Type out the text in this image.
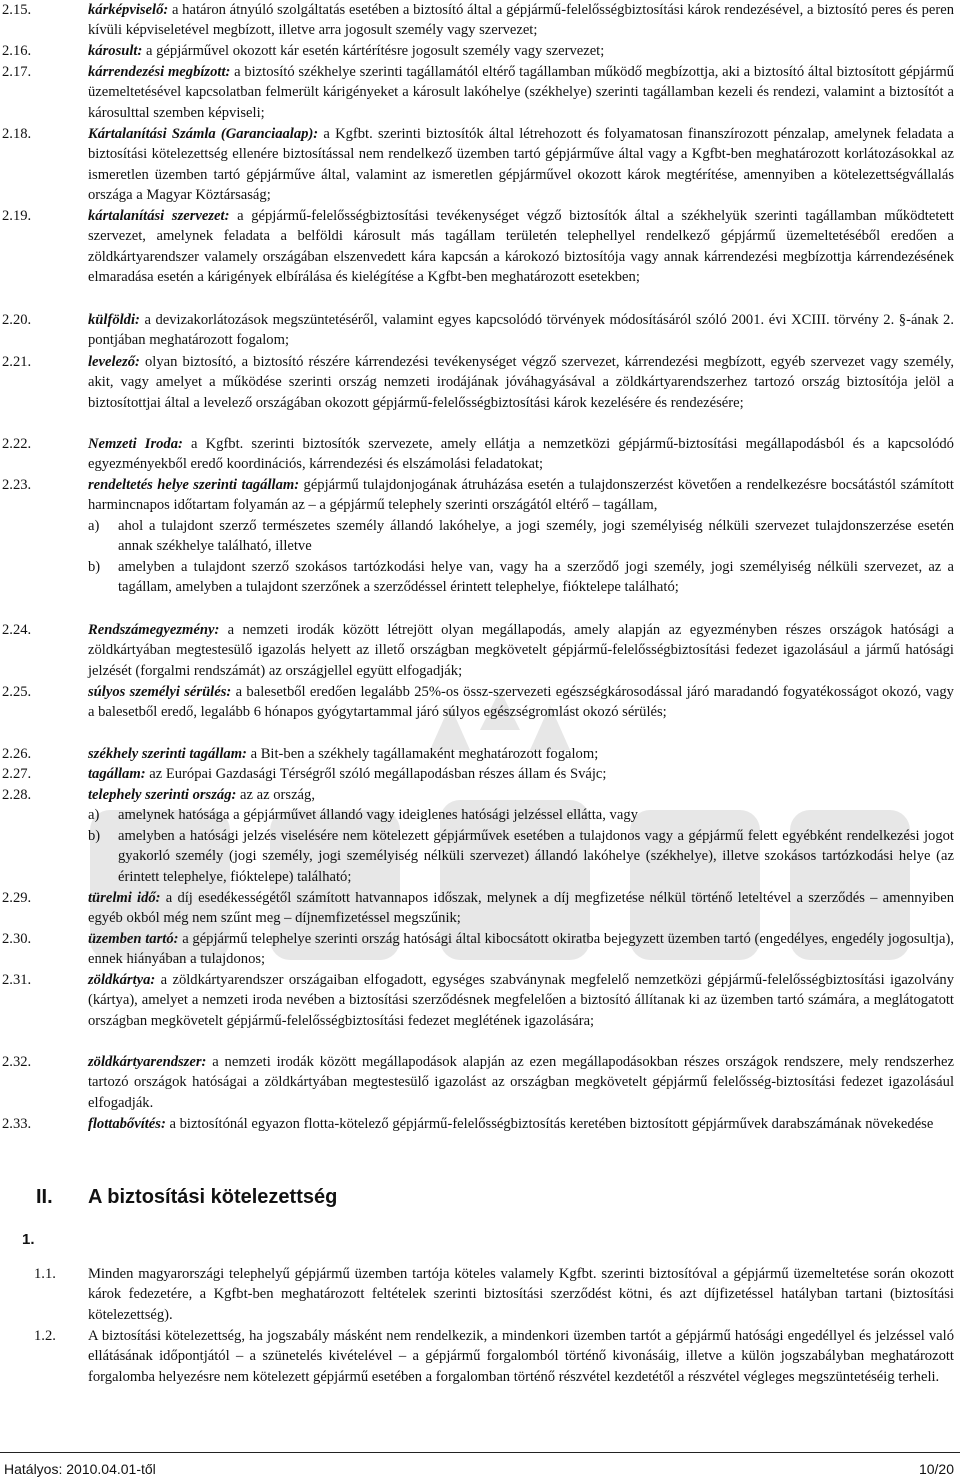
2.15.	kárképviselő: a határon átnyúló szolgáltatás esetében a biztosító által a gépjármű-felelősségbiztosítási károk rendezésével, a biztosító peres és peren kívüli képviseletével megbízott, illetve arra jogosult személy vagy szervezet;
2.16.	károsult: a gépjárművel okozott kár esetén kártérítésre jogosult személy vagy szervezet;
2.17.	kárrendezési megbízott: a biztosító székhelye szerinti tagállamától eltérő tagállamban működő megbízottja, aki a biztosító által biztosított gépjármű üzemeltetésével kapcsolatban felmerült kárigényeket a károsult lakóhelye (székhelye) szerinti tagállamban kezeli és rendezi, valamint a biztosítót a károsulttal szemben képviseli;
2.18.	Kártalanítási Számla (Garanciaalap): a Kgfbt. szerinti biztosítók által létrehozott és folyamatosan finanszírozott pénzalap, amelynek feladata a biztosítási kötelezettség ellenére biztosítással nem rendelkező üzemben tartó gépjárműve által vagy a Kgfbt-ben meghatározott korlátozásokkal az ismeretlen üzemben tartó gépjárműve által, valamint az ismeretlen gépjárművel okozott károk megtérítése, amennyiben a kötelezettségvállalás országa a Magyar Köztársaság;
2.19.	kártalanítási szervezet: a gépjármű-felelősségbiztosítási tevékenységet végző biztosítók által a székhelyük szerinti tagállamban működtetett szervezet, amelynek feladata a belföldi károsult más tagállam területén telephellyel rendelkező gépjármű üzemeltetéséből eredően a zöldkártyarendszer valamely országában elszenvedett kára kapcsán a károkozó biztosítója vagy annak kárrendezési megbízottja kárrendezésének elmaradása esetén a kárigények elbírálása és kielégítése a Kgfbt-ben meghatározott esetekben;
2.20.	külföldi: a devizakorlátozások megszüntetéséről, valamint egyes kapcsolódó törvények módosításáról szóló 2001. évi XCIII. törvény 2. §-ának 2. pontjában meghatározott fogalom;
2.21.	levelező: olyan biztosító, a biztosító részére kárrendezési tevékenységet végző szervezet, kárrendezési megbízott, egyéb szervezet vagy személy, akit, vagy amelyet a működése szerinti ország nemzeti irodájának jóváhagyásával a zöldkártyarendszerhez tartozó ország biztosítója jelöl a biztosítottjai által a levelező országában okozott gépjármű-felelősségbiztosítási károk kezelésére és rendezésére;
2.22.	Nemzeti Iroda: a Kgfbt. szerinti biztosítók szervezete, amely ellátja a nemzetközi gépjármű-biztosítási megállapodásból és a kapcsolódó egyezményekből eredő koordinációs, kárrendezési és elszámolási feladatokat;
2.23.	rendeltetés helye szerinti tagállam: gépjármű tulajdonjogának átruházása esetén a tulajdonszerzést követően a rendelkezésre bocsátástól számított harmincnapos időtartam folyamán az – a gépjármű telephely szerinti országától eltérő – tagállam,
a)	ahol a tulajdont szerző természetes személy állandó lakóhelye, a jogi személy, jogi személyiség nélküli szervezet tulajdonszerzése esetén annak székhelye található, illetve
b)	amelyben a tulajdont szerző szokásos tartózkodási helye van, vagy ha a szerződő jogi személy, jogi személyiség nélküli szervezet, az a tagállam, amelyben a tulajdont szerzőnek a szerződéssel érintett telephelye, fióktelepe található;
2.24.	Rendszámegyezmény: a nemzeti irodák között létrejött olyan megállapodás, amely alapján az egyezményben részes országok hatósági a zöldkártyában megtestesülő igazolás helyett az illető országban megkövetelt gépjármű-felelősségbiztosítási fedezet igazolásául a jármű hatósági jelzését (forgalmi rendszámát) az országjellel együtt elfogadják;
2.25.	súlyos személyi sérülés: a balesetből eredően legalább 25%-os össz-szervezeti egészségkárosodással járó maradandó fogyatékosságot okozó, vagy a balesetből eredő, legalább 6 hónapos gyógytartammal járó súlyos egészségromlást okozó sérülés;
2.26.	székhely szerinti tagállam: a Bit-ben a székhely tagállamaként meghatározott fogalom;
2.27.	tagállam: az Európai Gazdasági Térségről szóló megállapodásban részes állam és Svájc;
2.28.	telephely szerinti ország: az az ország,
a)	amelynek hatósága a gépjárművet állandó vagy ideiglenes hatósági jelzéssel ellátta, vagy
b)	amelyben a hatósági jelzés viselésére nem kötelezett gépjárművek esetében a tulajdonos vagy a gépjármű felett egyébként rendelkezési jogot gyakorló személy (jogi személy, jogi személyiség nélküli szervezet) állandó lakóhelye (székhelye), illetve szokásos tartózkodási helye (az érintett telephelye, fióktelepe) található;
2.29.	türelmi idő: a díj esedékességétől számított hatvannapos időszak, melynek a díj megfizetése nélkül történő leteltével a szerződés – amennyiben egyéb okból még nem szűnt meg – díjnemfizetéssel megszűnik;
2.30.	üzemben tartó: a gépjármű telephelye szerinti ország hatósági által kibocsátott okiratba bejegyzett üzemben tartó (engedélyes, engedély jogosultja), ennek hiányában a tulajdonos;
2.31.	zöldkártya: a zöldkártyarendszer országaiban elfogadott, egységes szabványnak megfelelő nemzetközi gépjármű-felelősségbiztosítási igazolvány (kártya), amelyet a nemzeti iroda nevében a biztosítási szerződésnek megfelelően a biztosító állítanak ki az üzemben tartó számára, a meglátogatott országban megkövetelt gépjármű-felelősségbiztosítási fedezet meglétének igazolására;
2.32.	zöldkártyarendszer: a nemzeti irodák között megállapodások alapján az ezen megállapodásokban részes országok rendszere, mely rendszerhez tartozó országok hatóságai a zöldkártyában megtestesülő igazolást az országban megkövetelt gépjármű felelősség-biztosítási fedezet igazolásául elfogadják.
2.33.	flottabővítés: a biztosítónál egyazon flotta-kötelező gépjármű-felelősségbiztosítás keretében biztosított gépjárművek darabszámának növekedése
II. A biztosítási kötelezettség
1.
1.1.	Minden magyarországi telephelyű gépjármű üzemben tartója köteles valamely Kgfbt. szerinti biztosítóval a gépjármű üzemeltetése során okozott károk fedezetére, a Kgfbt-ben meghatározott feltételek szerinti biztosítási szerződést kötni, és azt díjfizetéssel hatályban tartani (biztosítási kötelezettség).
1.2.	A biztosítási kötelezettség, ha jogszabály másként nem rendelkezik, a mindenkori üzemben tartót a gépjármű hatósági engedéllyel és jelzéssel való ellátásának időpontjától – a szünetelés kivételével – a gépjármű forgalomból történő kivonásáig, illetve a külön jogszabályban meghatározott forgalomba helyezésre nem kötelezett gépjármű esetében a forgalomban történő részvétel kezdetétől a részvétel végleges megszüntetéséig terheli.
Hatályos: 2010.04.01-től	10/20
